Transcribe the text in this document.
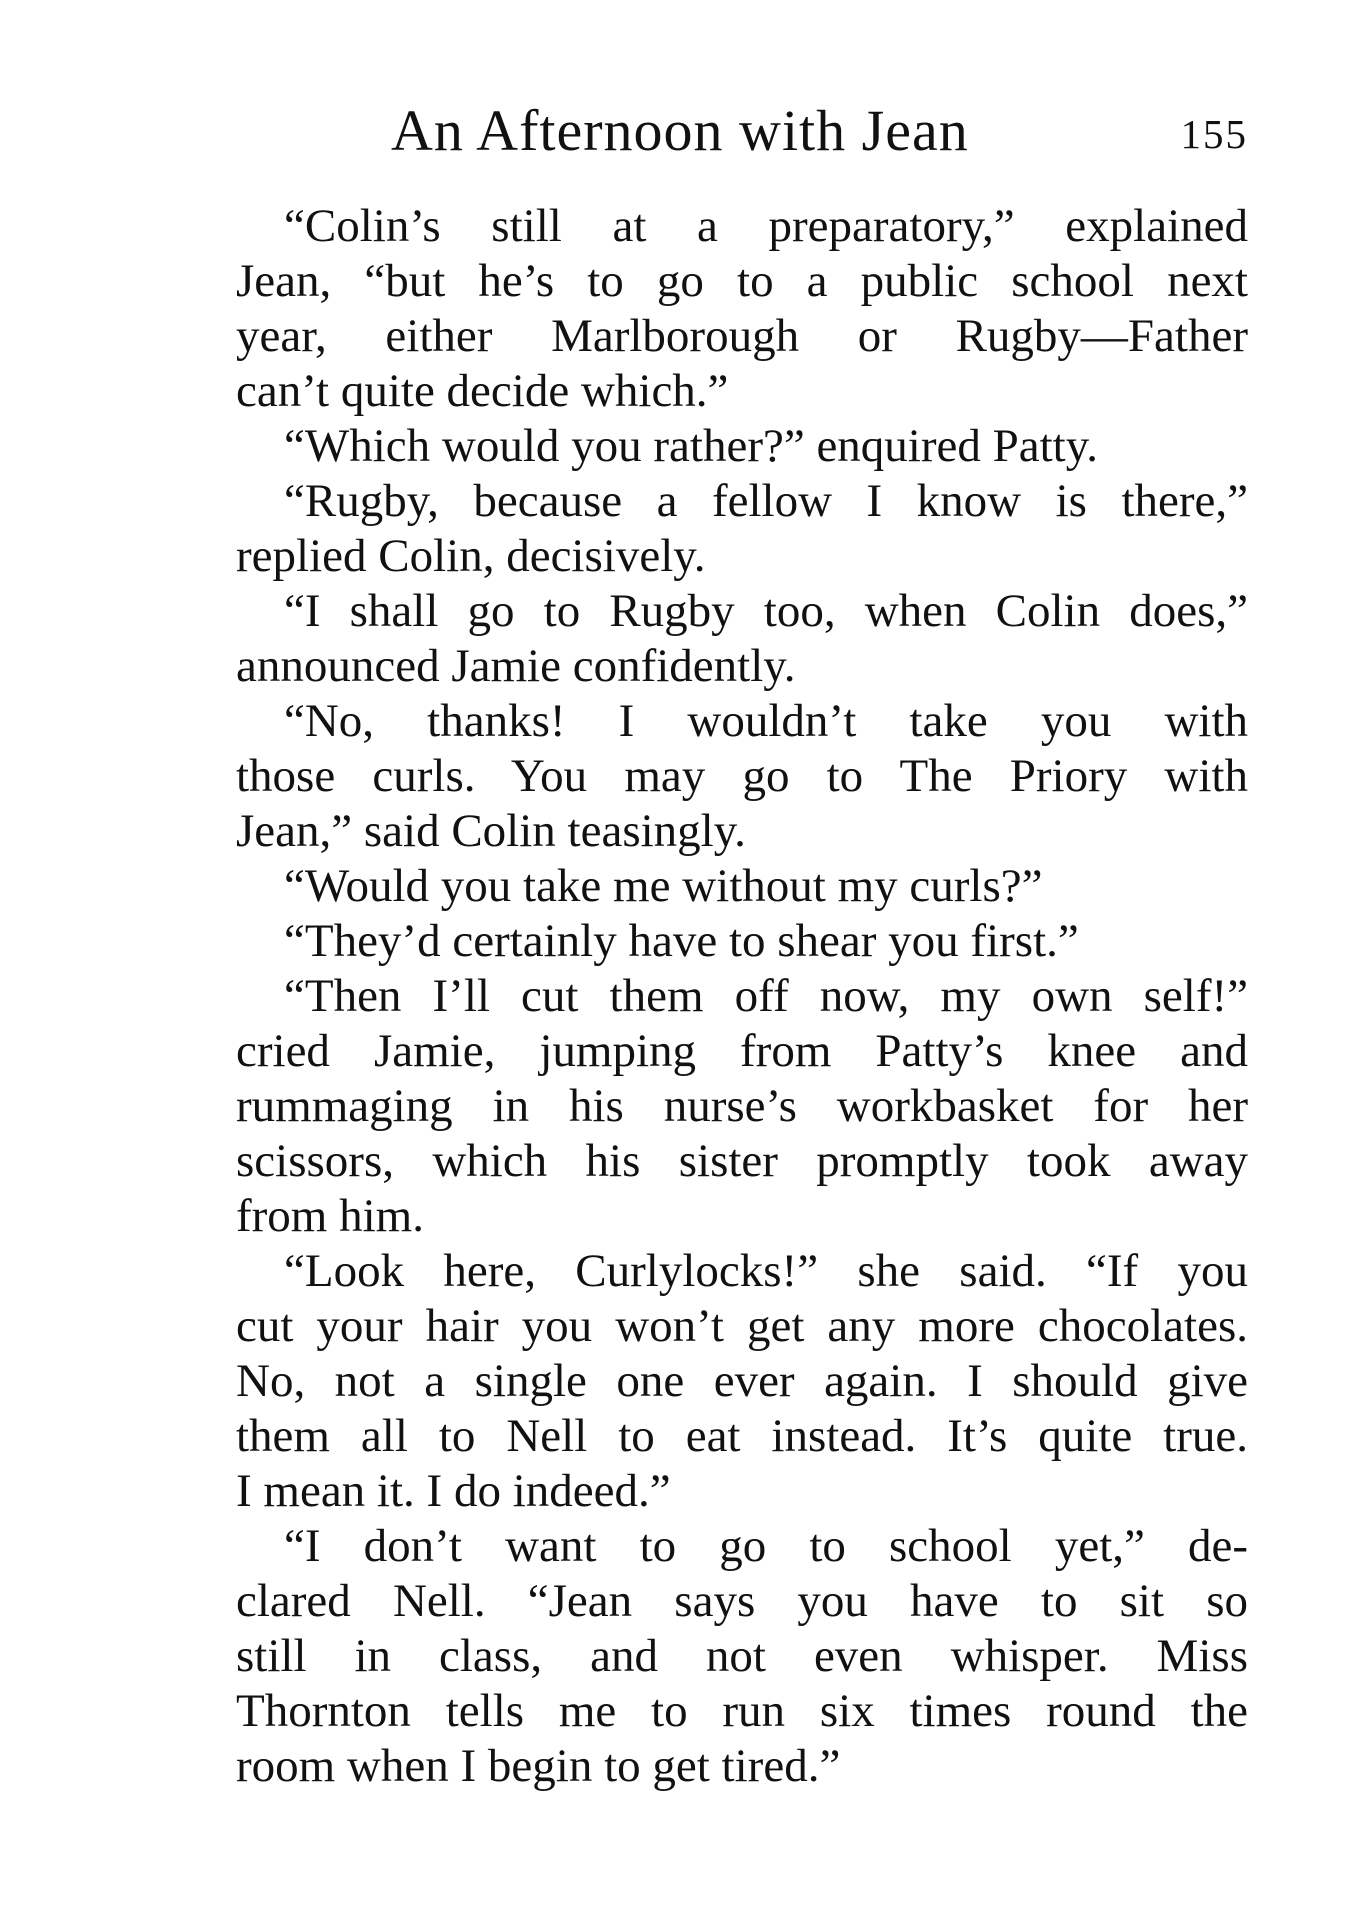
An Afternoon with Jean	155
“Colin’s still at a preparatory,” explained
Jean, “but he’s to go to a public school next
year, either Marlborough or Rugby—Father
can’t quite decide which.”
“Which would you rather?” enquired Patty.
“Rugby, because a fellow I know is there,”
replied Colin, decisively.
“I shall go to Rugby too, when Colin does,”
announced Jamie confidently.
“No, thanks! I wouldn’t take you with
those curls. You may go to The Priory with
Jean,” said Colin teasingly.
“Would you take me without my curls?”
“They’d certainly have to shear you first.”
“Then I’ll cut them off now, my own self!”
cried Jamie, jumping from Patty’s knee and
rummaging in his nurse’s workbasket for her
scissors, which his sister promptly took away
from him.
“Look here, Curlylocks!” she said. “If you
cut your hair you won’t get any more chocolates.
No, not a single one ever again. I should give
them all to Nell to eat instead. It’s quite true.
I mean it. I do indeed.”
“I don’t want to go to school yet,” de-
clared Nell. “Jean says you have to sit so
still in class, and not even whisper. Miss
Thornton tells me to run six times round the
room when I begin to get tired.”
